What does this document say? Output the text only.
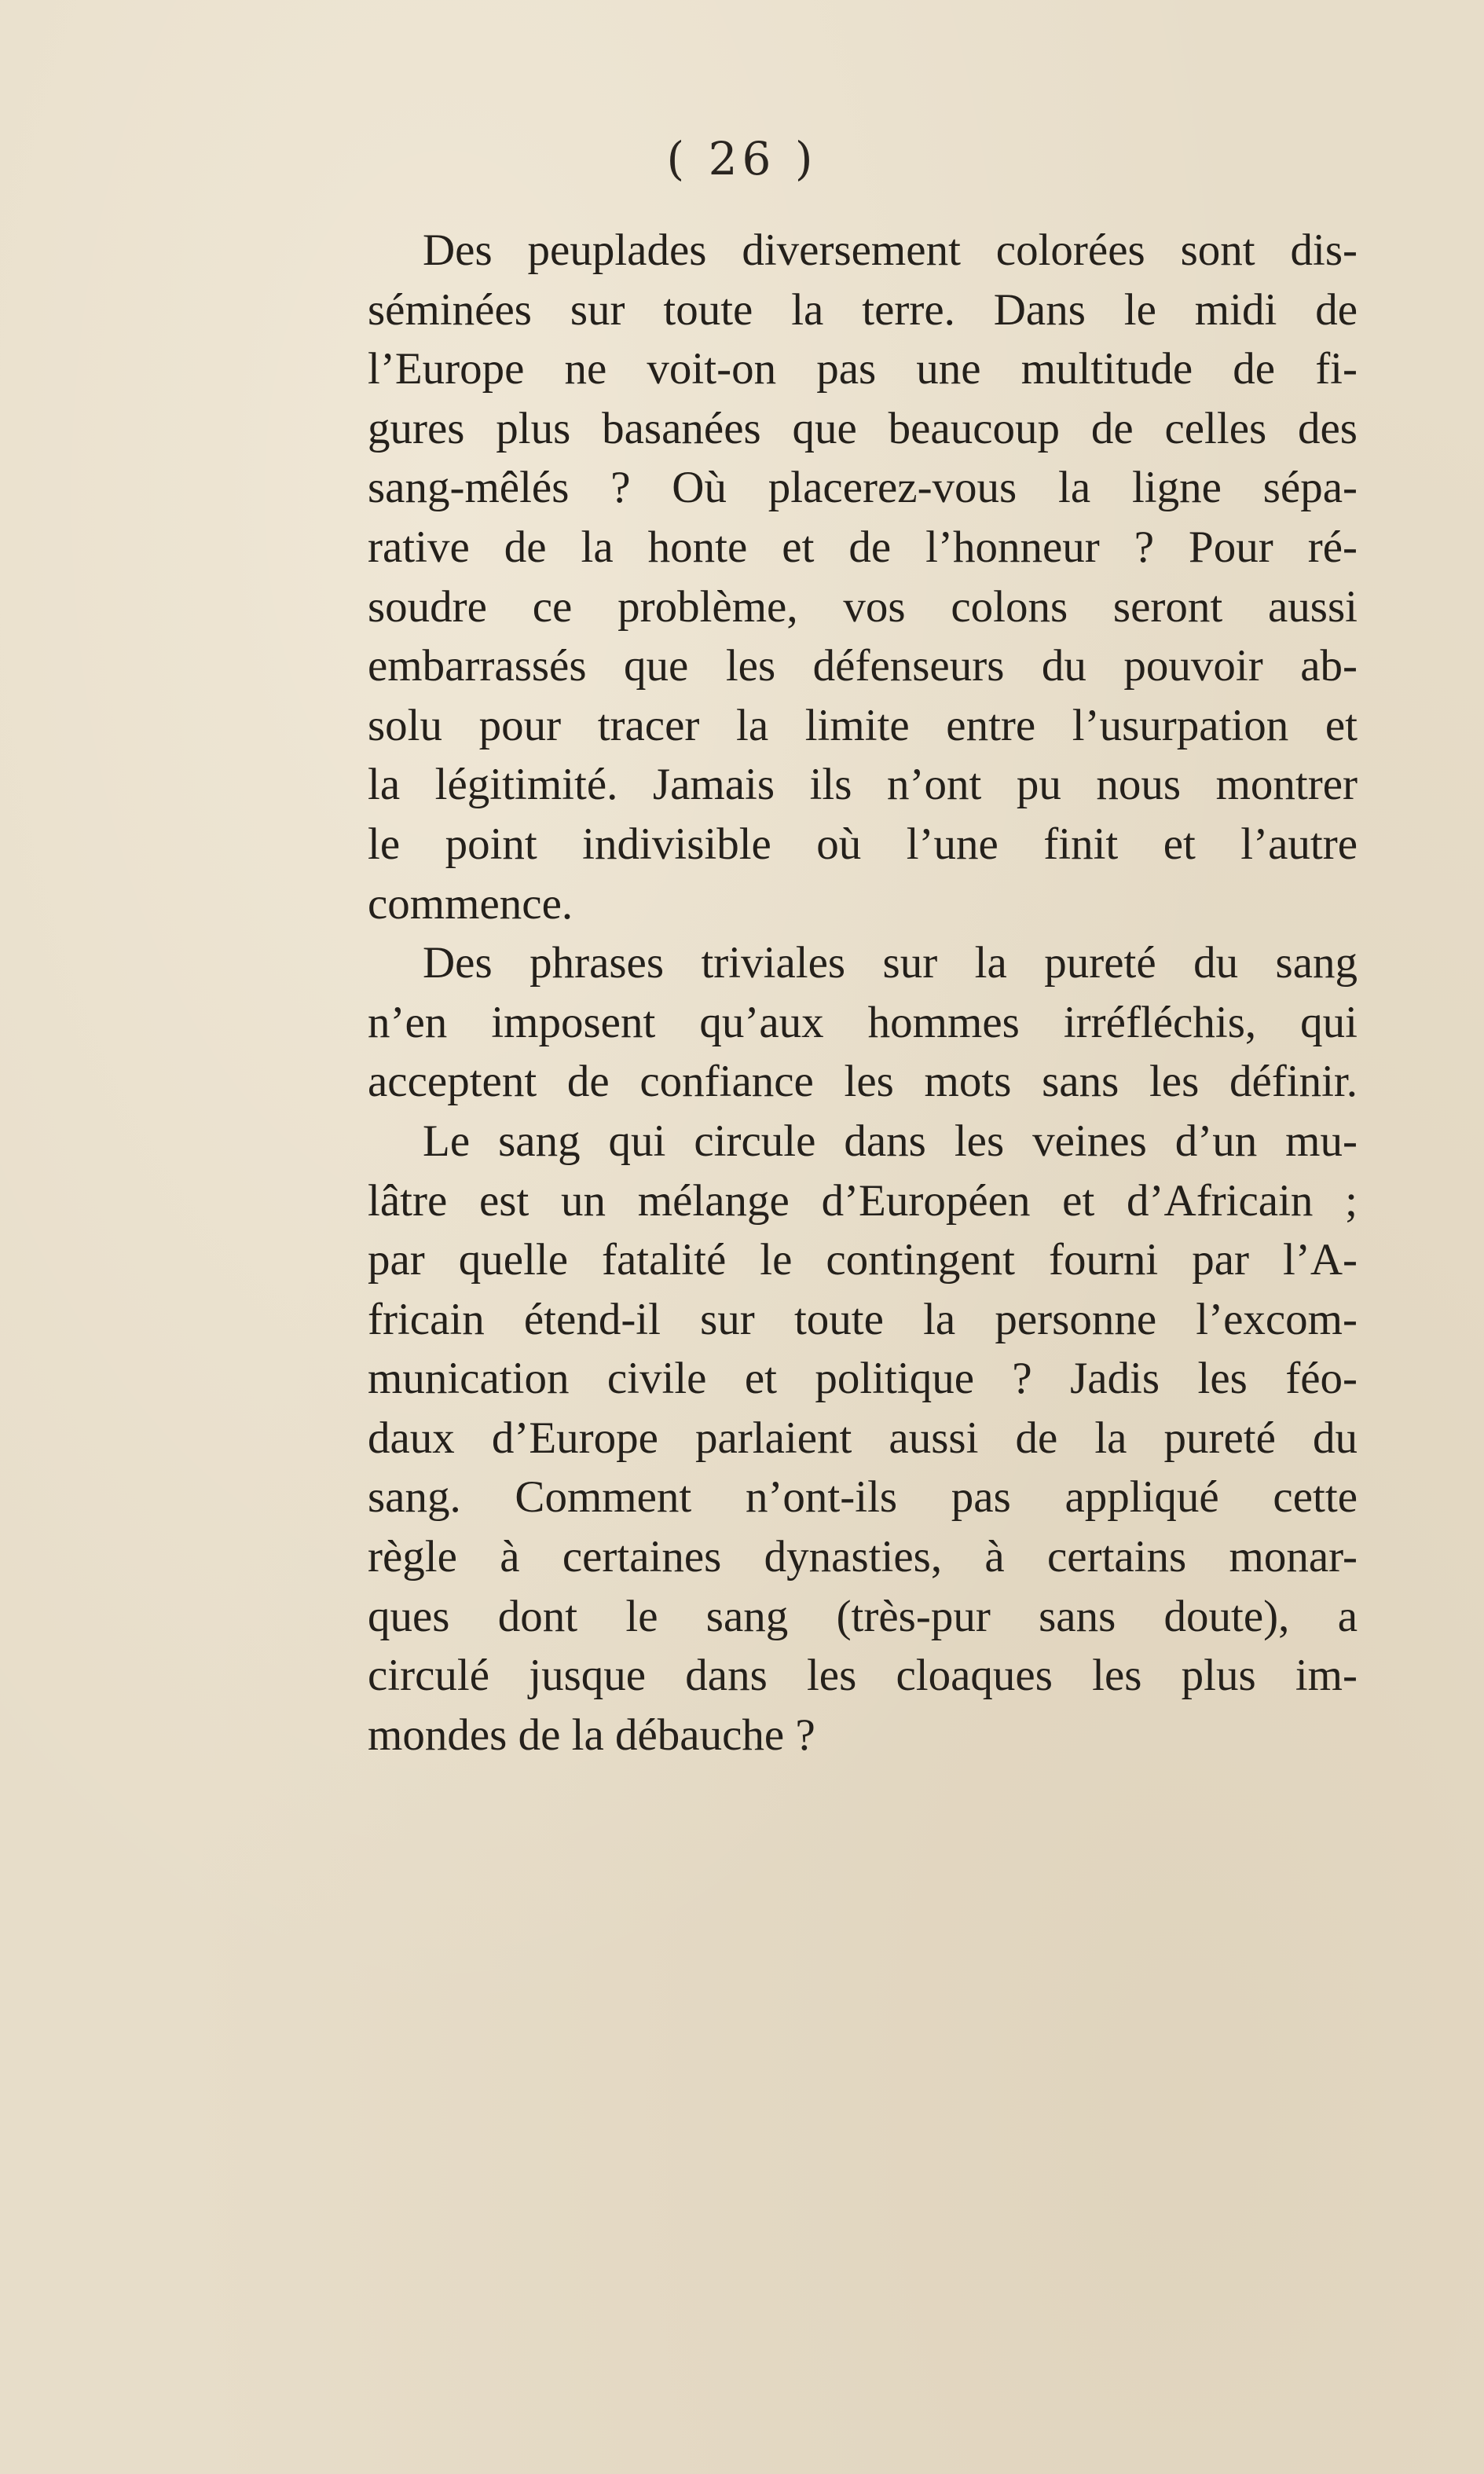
( 26 )
Des peuplades diversement colorées sont dis-
séminées sur toute la terre. Dans le midi de
l’Europe ne voit-on pas une multitude de fi-
gures plus basanées que beaucoup de celles des
sang-mêlés ? Où placerez-vous la ligne sépa-
rative de la honte et de l’honneur ? Pour ré-
soudre ce problème, vos colons seront aussi
embarrassés que les défenseurs du pouvoir ab-
solu pour tracer la limite entre l’usurpation et
la légitimité. Jamais ils n’ont pu nous montrer
le point indivisible où l’une finit et l’autre
commence.
Des phrases triviales sur la pureté du sang
n’en imposent qu’aux hommes irréfléchis, qui
acceptent de confiance les mots sans les définir.
Le sang qui circule dans les veines d’un mu-
lâtre est un mélange d’Européen et d’Africain ;
par quelle fatalité le contingent fourni par l’A-
fricain étend-il sur toute la personne l’excom-
munication civile et politique ? Jadis les féo-
daux d’Europe parlaient aussi de la pureté du
sang. Comment n’ont-ils pas appliqué cette
règle à certaines dynasties, à certains monar-
ques dont le sang (très-pur sans doute), a
circulé jusque dans les cloaques les plus im-
mondes de la débauche ?
